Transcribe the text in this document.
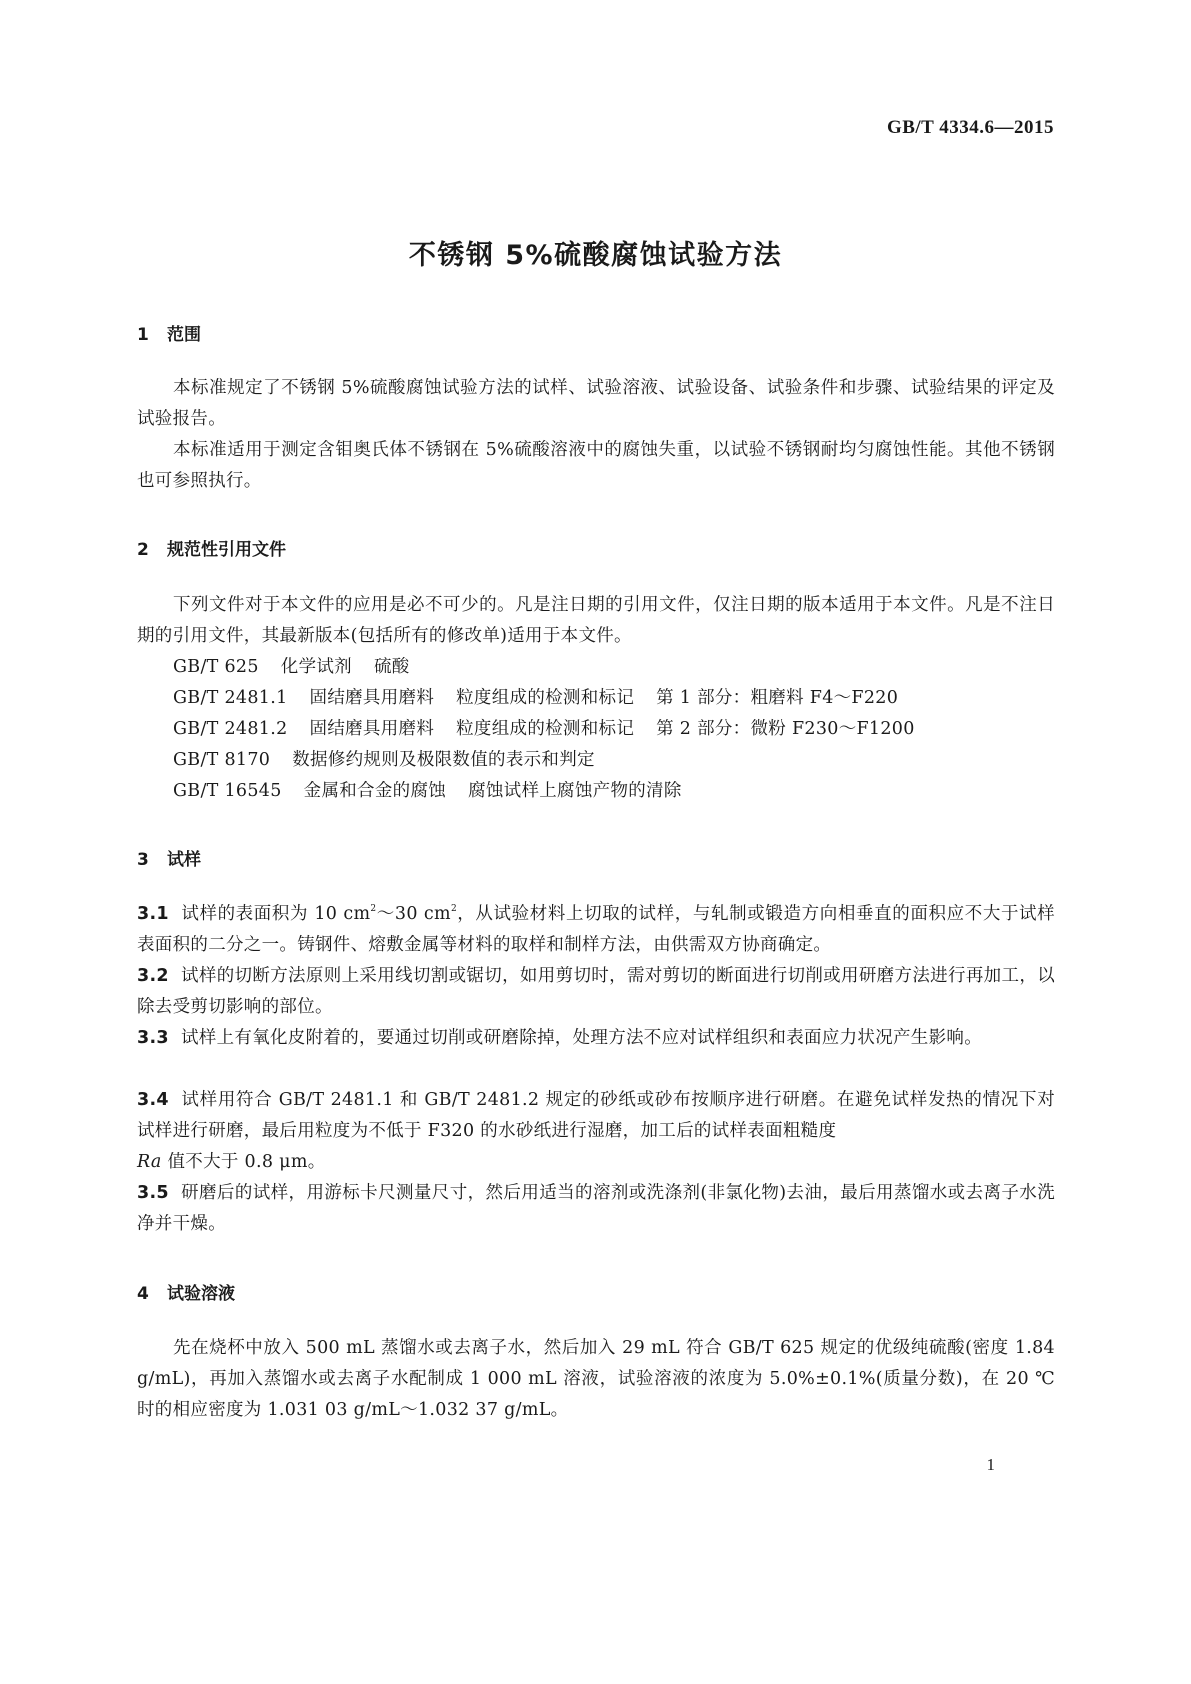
GB/T 4334.6—2015
不锈钢 5%硫酸腐蚀试验方法
1 范围

本标准规定了不锈钢 5%硫酸腐蚀试验方法的试样、试验溶液、试验设备、试验条件和步骤、试验结果的评定及试验报告。

本标准适用于测定含钼奥氏体不锈钢在 5%硫酸溶液中的腐蚀失重，以试验不锈钢耐均匀腐蚀性能。其他不锈钢也可参照执行。

2 规范性引用文件

下列文件对于本文件的应用是必不可少的。凡是注日期的引用文件，仅注日期的版本适用于本文件。凡是不注日期的引用文件，其最新版本(包括所有的修改单)适用于本文件。

GB/T 625 化学试剂 硫酸

GB/T 2481.1 固结磨具用磨料 粒度组成的检测和标记 第 1 部分：粗磨料 F4～F220

GB/T 2481.2 固结磨具用磨料 粒度组成的检测和标记 第 2 部分：微粉 F230～F1200

GB/T 8170 数据修约规则及极限数值的表示和判定

GB/T 16545 金属和合金的腐蚀 腐蚀试样上腐蚀产物的清除

3 试样

3.1 试样的表面积为 10 $cm^2\sim 30$ $cm^2$，从试验材料上切取的试样，与轧制或锻造方向相垂直的面积应不大于试样表面积的二分之一。铸钢件、熔敷金属等材料的取样和制样方法，由供需双方协商确定。

3.2 试样的切断方法原则上采用线切割或锯切，如用剪切时，需对剪切的断面进行切削或用研磨方法进行再加工，以除去受剪切影响的部位。

3.3 试样上有氧化皮附着的，要通过切削或研磨除掉，处理方法不应对试样组织和表面应力状况产生影响。

3.4 试样用符合 GB/T 2481.1 和 GB/T 2481.2 规定的砂纸或砂布按顺序进行研磨。在避免试样发热的情况下对试样进行研磨，最后用粒度为不低于 F320 的水砂纸进行湿磨，加工后的试样表面粗糙度
Ra 值不大于 0.8 μm。

3.5 研磨后的试样，用游标卡尺测量尺寸，然后用适当的溶剂或洗涤剂(非氯化物)去油，最后用蒸馏水或去离子水洗净并干燥。

4 试验溶液

先在烧杯中放入 500 mL 蒸馏水或去离子水，然后加入 29 mL 符合 GB/T 625 规定的优级纯硫酸(密度 1.84 g/mL)，再加入蒸馏水或去离子水配制成 1 000 mL 溶液，试验溶液的浓度为 5.0%±0.1%(质量分数)，在 20 ℃时的相应密度为 1.031 03 g/mL～1.032 37 g/mL。

1
